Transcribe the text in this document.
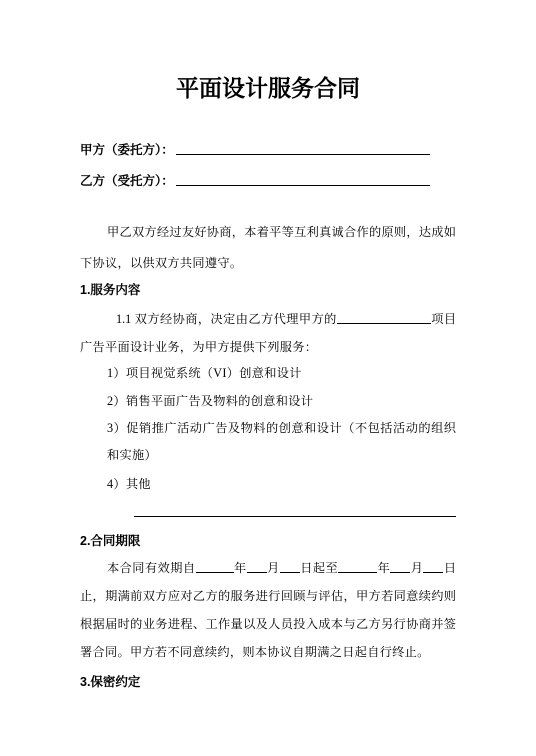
平面设计服务合同
甲方（委托方）：
乙方（受托方）：
甲乙双方经过友好协商，本着平等互利真诚合作的原则，达成如
下协议，以供双方共同遵守。
1.服务内容
1.1 双方经协商，决定由乙方代理甲方的	项目
广告平面设计业务，为甲方提供下列服务：
1）项目视觉系统（VI）创意和设计
2）销售平面广告及物料的创意和设计
3）促销推广活动广告及物料的创意和设计（不包括活动的组织
和实施）
4）其他
2.合同期限
本合同有效期自	年 月 日起至	年 月 日
止，期满前双方应对乙方的服务进行回顾与评估，甲方若同意续约则
根据届时的业务进程、工作量以及人员投入成本与乙方另行协商并签
署合同。甲方若不同意续约，则本协议自期满之日起自行终止。
3.保密约定
